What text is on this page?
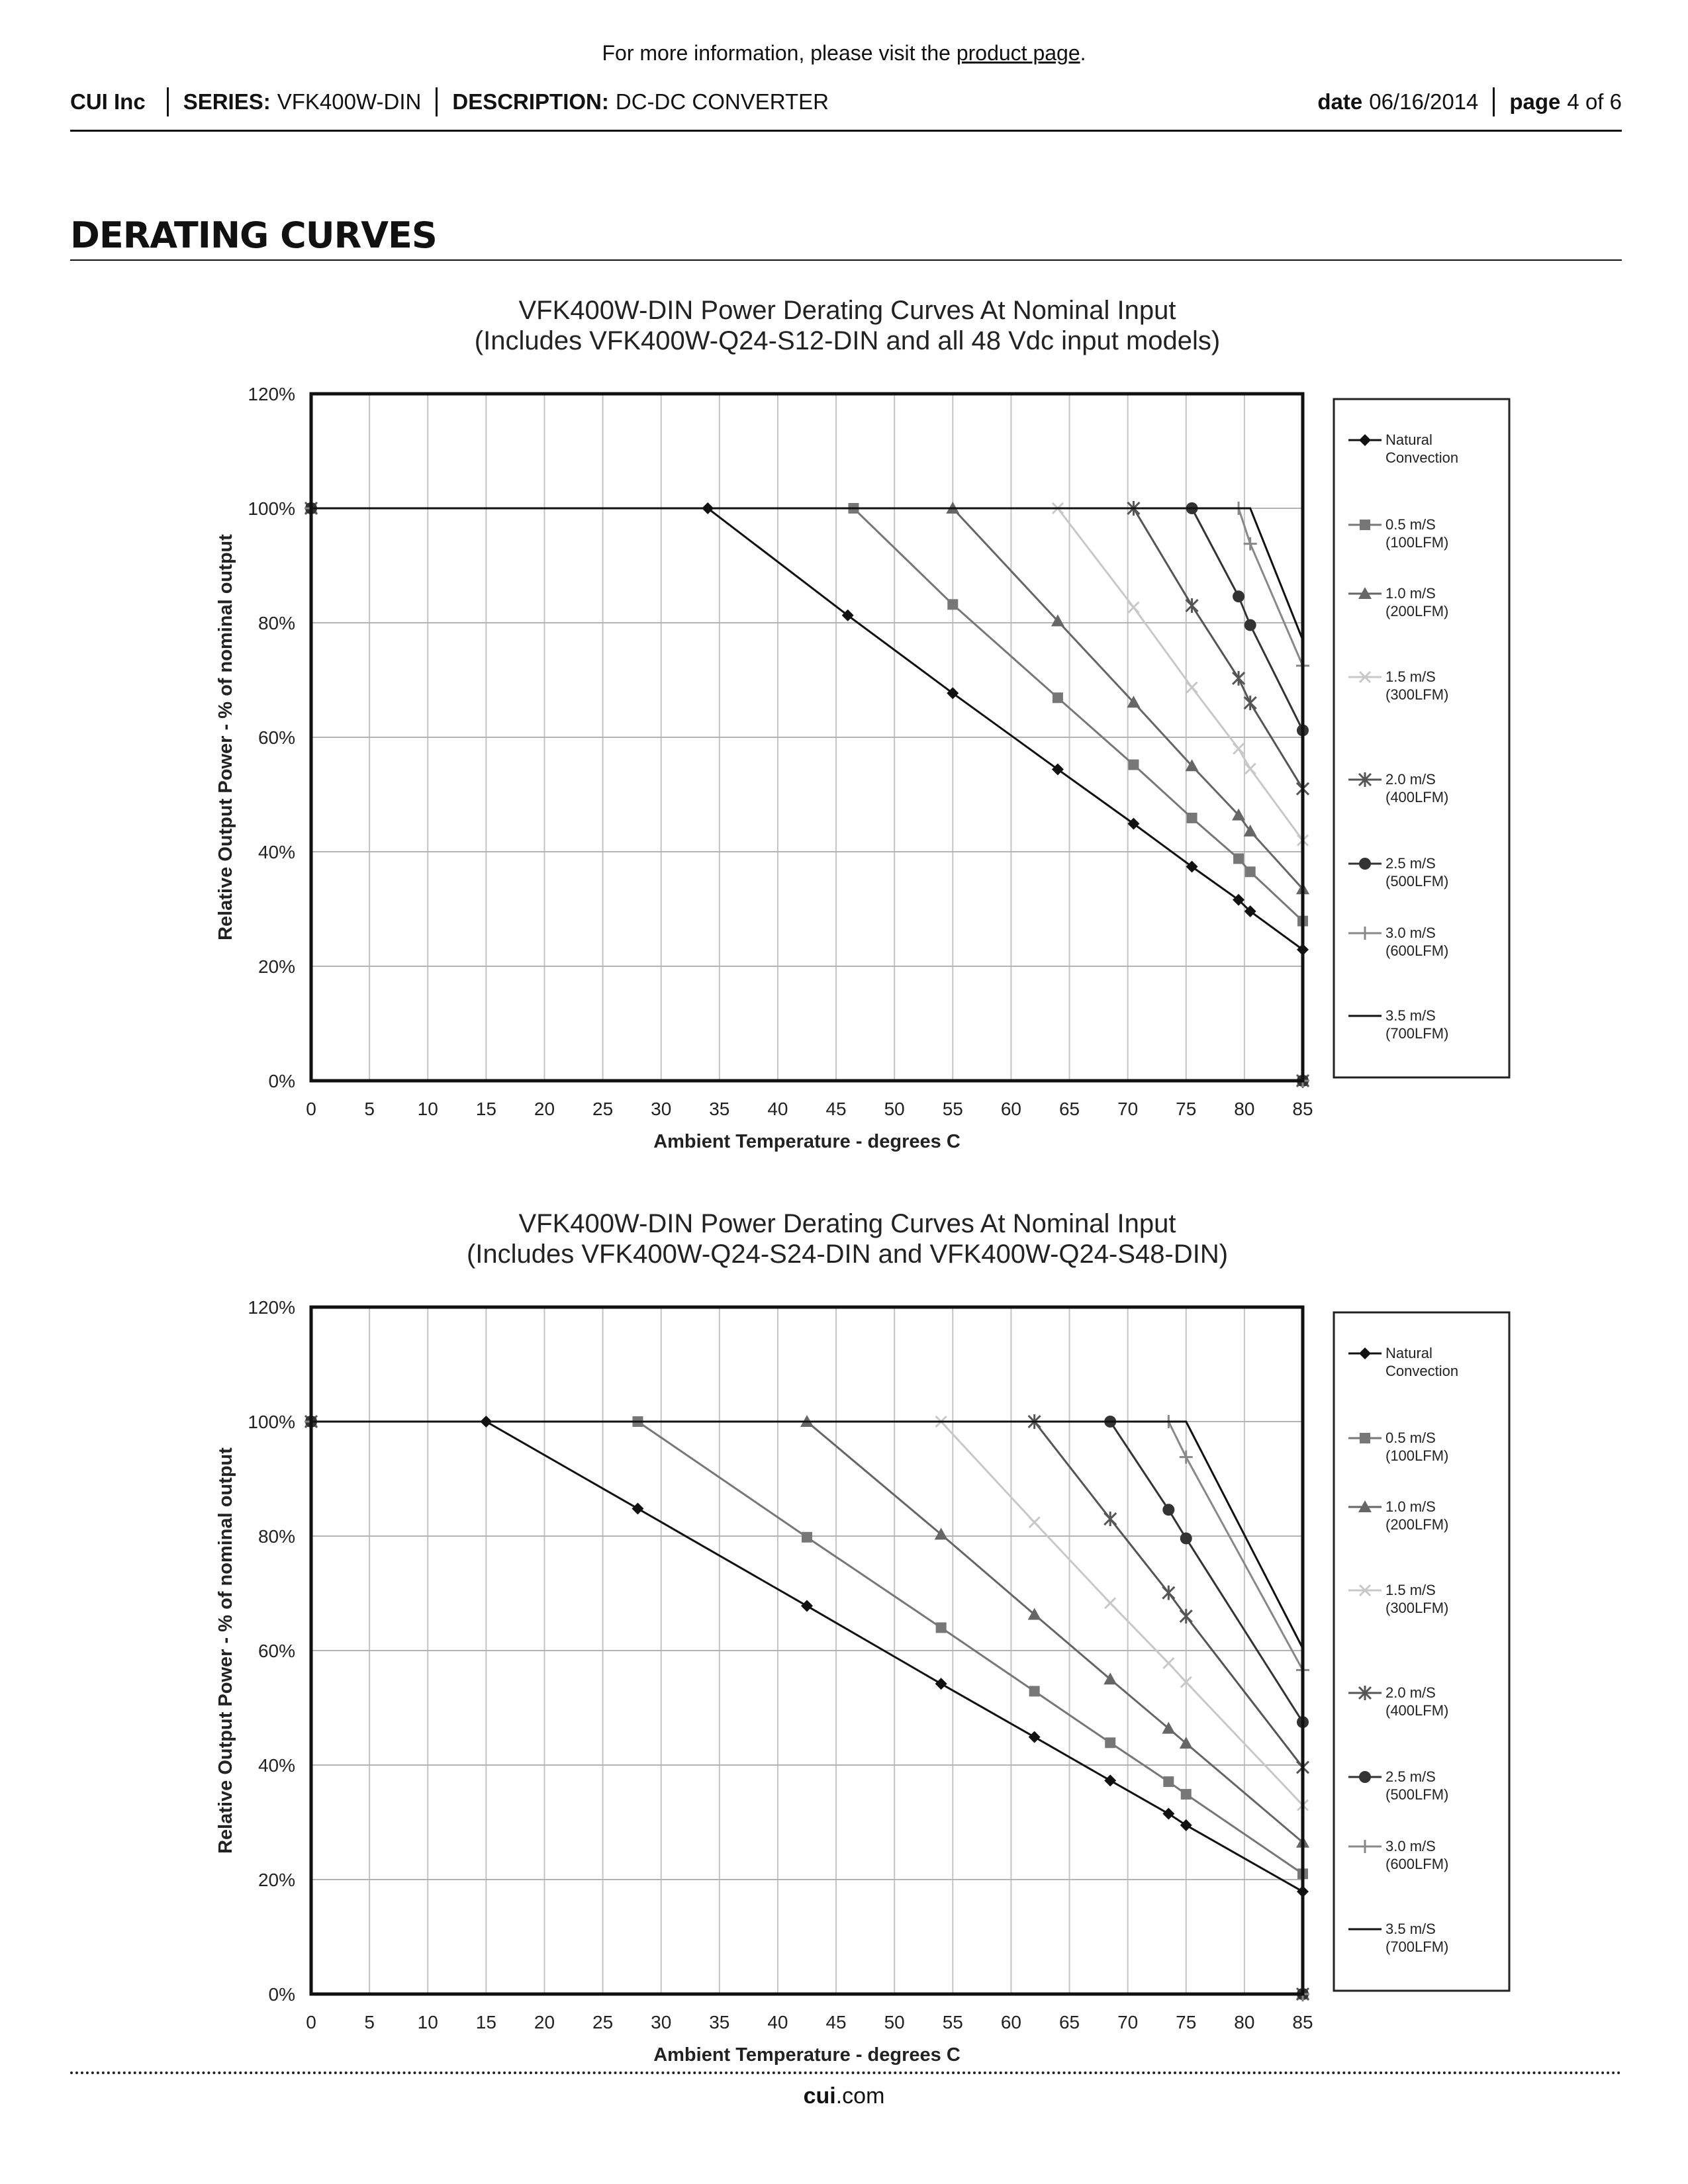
For more information, please visit the product page.
CUI Inc SERIES: VFK400W-DIN DESCRIPTION: DC-DC CONVERTER	date 06/16/2014 page 4 of 6
DERATING CURVES
VFK400W-DIN Power Derating Curves At Nominal Input
(Includes VFK400W-Q24-S12-DIN and all 48 Vdc input models)
0	5 10 15 20 25 30 35 40 45 50 55 60 65 70 75 80 85
0%
20%
40%
60%
80%
100%
120%
Ambient Temperature - degrees C
Relative Output Power - % of nominal output
Natural
Convection
0.5 m/S
(100LFM)
1.0 m/S
(200LFM)
1.5 m/S
(300LFM)
2.0 m/S
(400LFM)
2.5 m/S
(500LFM)
3.0 m/S
(600LFM)
3.5 m/S
(700LFM)
VFK400W-DIN Power Derating Curves At Nominal Input
(Includes VFK400W-Q24-S24-DIN and VFK400W-Q24-S48-DIN)
0	5 10 15 20 25 30 35 40 45 50 55 60 65 70 75 80 85
0%
20%
40%
60%
80%
100%
120%
Ambient Temperature - degrees C
Relative Output Power - % of nominal output
Natural
Convection
0.5 m/S
(100LFM)
1.0 m/S
(200LFM)
1.5 m/S
(300LFM)
2.0 m/S
(400LFM)
2.5 m/S
(500LFM)
3.0 m/S
(600LFM)
3.5 m/S
(700LFM)
cui.com
